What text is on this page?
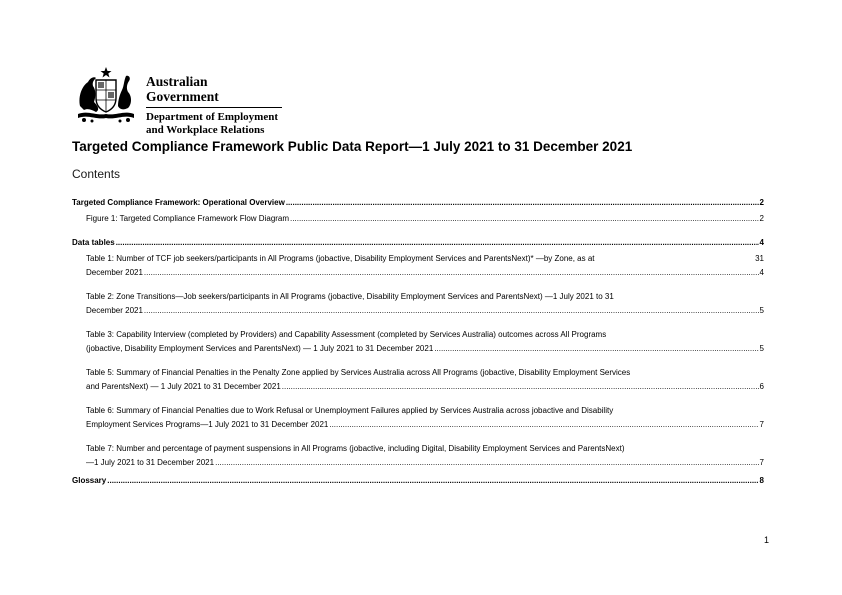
Australian Government
Department of Employment
and Workplace Relations
Targeted Compliance Framework Public Data Report—1 July 2021 to 31 December 2021
Contents
Targeted Compliance Framework: Operational Overview .....	2
Figure 1: Targeted Compliance Framework Flow Diagram .....	2
Data tables .....	4
Table 1: Number of TCF job seekers/participants in All Programs (jobactive, Disability Employment Services and ParentsNext)* —by Zone, as at	31
December 2021 .....	4
Table 2: Zone Transitions—Job seekers/participants in All Programs (jobactive, Disability Employment Services and ParentsNext) —1 July 2021 to 31
December 2021 .....	5
Table 3: Capability Interview (completed by Providers) and Capability Assessment (completed by Services Australia) outcomes across All Programs
(jobactive, Disability Employment Services and ParentsNext) — 1 July 2021 to 31 December 2021 .....	5
Table 5: Summary of Financial Penalties in the Penalty Zone applied by Services Australia across All Programs (jobactive, Disability Employment Services
and ParentsNext) — 1 July 2021 to 31 December 2021 .....	6
Table 6: Summary of Financial Penalties due to Work Refusal or Unemployment Failures applied by Services Australia across jobactive and Disability
Employment Services Programs—1 July 2021 to 31 December 2021 .....	7
Table 7: Number and percentage of payment suspensions in All Programs (jobactive, including Digital, Disability Employment Services and ParentsNext)
—1 July 2021 to 31 December 2021 .....	7
Glossary .....	8
1
